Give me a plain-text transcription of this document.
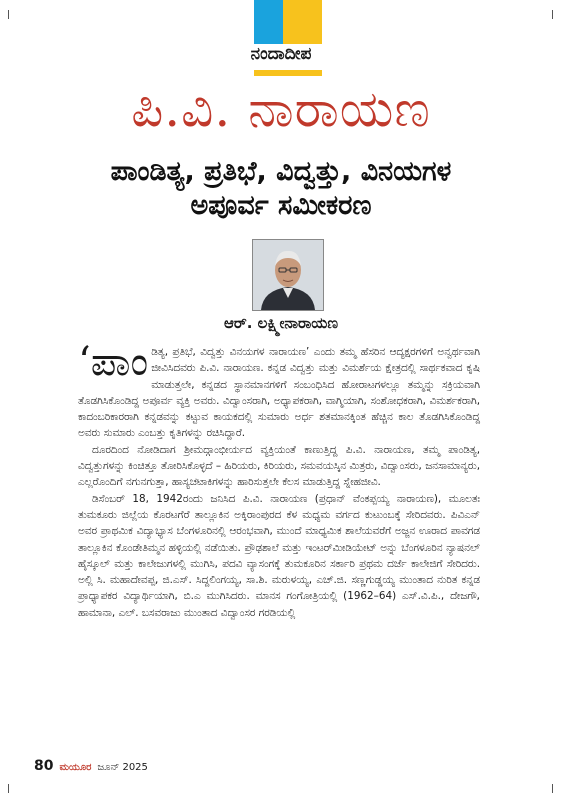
ನಂದಾದೀಪ
ಪಿ.ವಿ. ನಾರಾಯಣ
ಪಾಂಡಿತ್ಯ, ಪ್ರತಿಭೆ, ವಿದ್ವತ್ತು, ವಿನಯಗಳ
ಅಪೂರ್ವ ಸಮೀಕರಣ
ಆರ್. ಲಕ್ಷ್ಮೀನಾರಾಯಣ

‘ಪಾಂಡಿತ್ಯ, ಪ್ರತಿಭೆ, ವಿದ್ವತ್ತು ವಿನಯಗಳ ನಾರಾಯಣ’ ಎಂದು ತಮ್ಮ ಹೆಸರಿನ ಆದ್ಯಕ್ಷರಗಳಿಗೆ ಅನ್ವರ್ಥವಾಗಿ ಜೀವಿಸಿದವರು ಪಿ.ವಿ. ನಾರಾಯಣ. ಕನ್ನಡ ವಿದ್ವತ್ತು ಮತ್ತು ವಿಮರ್ಶೆಯ ಕ್ಷೇತ್ರದಲ್ಲಿ ಸಾರ್ಥಕವಾದ ಕೃಷಿ ಮಾಡುತ್ತಲೇ, ಕನ್ನಡದ ಸ್ಥಾನಮಾನಗಳಿಗೆ ಸಂಬಂಧಿಸಿದ ಹೋರಾಟಗಳಲ್ಲೂ ತಮ್ಮನ್ನು ಸಕ್ರಿಯವಾಗಿ ತೊಡಗಿಸಿಕೊಂಡಿದ್ದ ಅಪೂರ್ವ ವ್ಯಕ್ತಿ ಅವರು. ವಿದ್ವಾಂಸರಾಗಿ, ಅಧ್ಯಾಪಕರಾಗಿ, ವಾಗ್ಮಿಯಾಗಿ, ಸಂಶೋಧಕರಾಗಿ, ವಿಮರ್ಶಕರಾಗಿ, ಕಾದಂಬರಿಕಾರರಾಗಿ ಕನ್ನಡವನ್ನು ಕಟ್ಟುವ ಕಾಯಕದಲ್ಲಿ ಸುಮಾರು ಅರ್ಧ ಶತಮಾನಕ್ಕಿಂತ ಹೆಚ್ಚಿನ ಕಾಲ ತೊಡಗಿಸಿಕೊಂಡಿದ್ದ ಅವರು ಸುಮಾರು ಎಂಬತ್ತು ಕೃತಿಗಳನ್ನು ರಚಿಸಿದ್ದಾರೆ.

ದೂರದಿಂದ ನೋಡಿದಾಗ ಶ್ರೀಮದ್ಗಾಂಭೀರ್ಯದ ವ್ಯಕ್ತಿಯಂತೆ ಕಾಣುತ್ತಿದ್ದ ಪಿ.ವಿ. ನಾರಾಯಣ, ತಮ್ಮ ಪಾಂಡಿತ್ಯ, ವಿದ್ವತ್ತುಗಳನ್ನು ಕಿಂಚಿತ್ತೂ ತೋರಿಸಿಕೊಳ್ಳದೆ – ಹಿರಿಯರು, ಕಿರಿಯರು, ಸಮವಯಸ್ಕಿನ ಮಿತ್ರರು, ವಿದ್ವಾಂಸರು, ಜನಸಾಮಾನ್ಯರು, ಎಲ್ಲರೊಂದಿಗೆ ನಗುನಗುತ್ತಾ, ಹಾಸ್ಯಚಟಾಕಿಗಳನ್ನು ಹಾರಿಸುತ್ತಲೇ ಕೆಲಸ ಮಾಡುತ್ತಿದ್ದ ಸ್ನೇಹಜೀವಿ.

ಡಿಸೆಂಬರ್ 18, 1942ರಂದು ಜನಿಸಿದ ಪಿ.ವಿ. ನಾರಾಯಣ (ಪ್ರಧಾನ್ ವೆಂಕಪ್ಪಯ್ಯ ನಾರಾಯಣ), ಮೂಲತಃ ತುಮಕೂರು ಜಿಲ್ಲೆಯ ಕೊರಟಗೆರೆ ತಾಲ್ಲೂಕಿನ ಅಕ್ಕಿರಾಂಪುರದ ಕೆಳ ಮಧ್ಯಮ ವರ್ಗದ ಕುಟುಂಬಕ್ಕೆ ಸೇರಿದವರು. ಪಿವಿಎನ್ ಅವರ ಪ್ರಾಥಮಿಕ ವಿದ್ಯಾಭ್ಯಾಸ ಬೆಂಗಳೂರಿನಲ್ಲಿ ಆರಂಭವಾಗಿ, ಮುಂದೆ ಮಾಧ್ಯಮಿಕ ಶಾಲೆಯವರೆಗೆ ಅಜ್ಜನ ಊರಾದ ಪಾವಗಡ ತಾಲ್ಲೂಕಿನ ಕೊಂಡೇತಿಮ್ಮನ ಹಳ್ಳಿಯಲ್ಲಿ ನಡೆಯಿತು. ಪ್ರೌಢಶಾಲೆ ಮತ್ತು ಇಂಟರ್‌ಮೀಡಿಯೇಟ್ ಅನ್ನು ಬೆಂಗಳೂರಿನ ನ್ಯಾಷನಲ್ ಹೈಸ್ಕೂಲ್ ಮತ್ತು ಕಾಲೇಜುಗಳಲ್ಲಿ ಮುಗಿಸಿ, ಪದವಿ ವ್ಯಾಸಂಗಕ್ಕೆ ತುಮಕೂರಿನ ಸರ್ಕಾರಿ ಪ್ರಥಮ ದರ್ಜೆ ಕಾಲೇಜಿಗೆ ಸೇರಿದರು. ಅಲ್ಲಿ ಸಿ. ಮಹಾದೇವಪ್ಪ, ಜಿ.ಎಸ್. ಸಿದ್ದಲಿಂಗಯ್ಯ, ಸಾ.ಶಿ. ಮರುಳಯ್ಯ, ಎಚ್.ಜಿ. ಸಣ್ಣಗುಡ್ಡಯ್ಯ ಮುಂತಾದ ನುರಿತ ಕನ್ನಡ ಪ್ರಾಧ್ಯಾಪಕರ ವಿದ್ಯಾರ್ಥಿಯಾಗಿ, ಬಿ.ಎ ಮುಗಿಸಿದರು. ಮಾನಸ ಗಂಗೋತ್ರಿಯಲ್ಲಿ (1962–64) ಎಸ್.ವಿ.ಪಿ., ದೇಜಗೌ, ಹಾಮಾನಾ, ಎಲ್. ಬಸವರಾಜು ಮುಂತಾದ ವಿದ್ವಾಂಸರ ಗರಡಿಯಲ್ಲಿ

80 ಮಯೂರ ಜೂನ್ 2025
